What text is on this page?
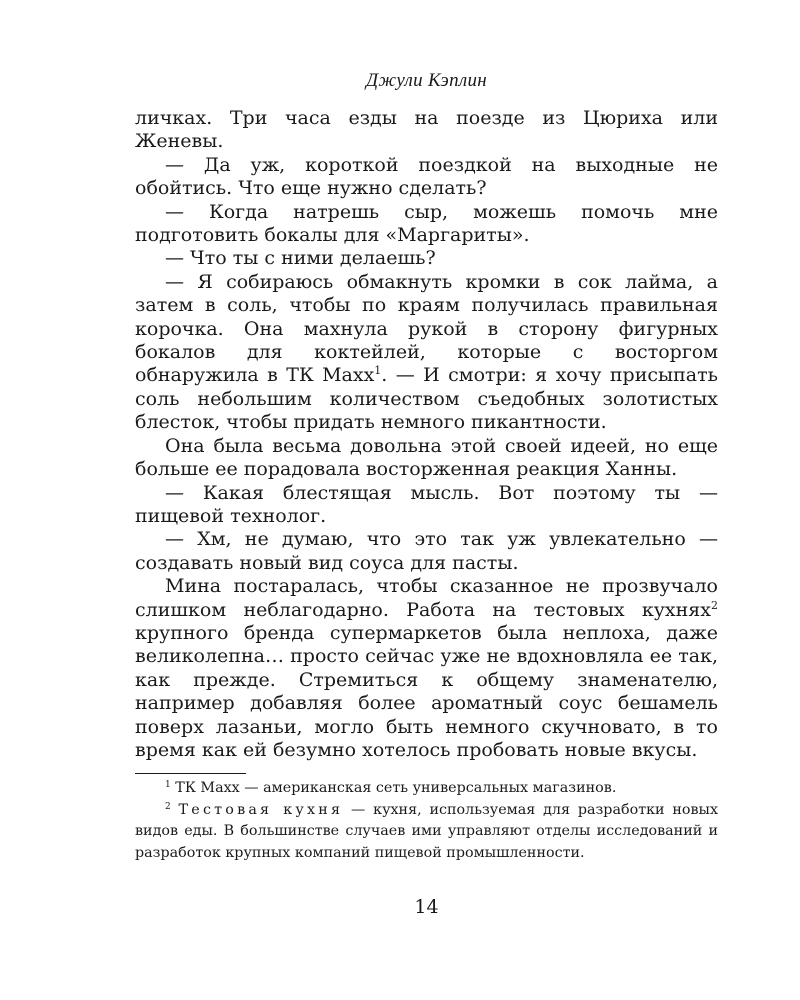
Джули Кэплин

личках. Три часа езды на поезде из Цюриха или Женевы.

— Да уж, короткой поездкой на выходные не обойтись. Что еще нужно сделать?

— Когда натрешь сыр, можешь помочь мне подготовить бокалы для «Маргариты».

— Что ты с ними делаешь?

— Я собираюсь обмакнуть кромки в сок лайма, а затем в соль, чтобы по краям получилась правильная корочка. Она махнула рукой в сторону фигурных бокалов для коктейлей, которые с восторгом обнаружила в ТК Махх$^1$. — И смотри: я хочу присыпать соль небольшим количеством съедобных золотистых блесток, чтобы придать немного пикантности.

Она была весьма довольна этой своей идеей, но еще больше ее порадовала восторженная реакция Ханны.

— Какая блестящая мысль. Вот поэтому ты — пищевой технолог.

— Хм, не думаю, что это так уж увлекательно — создавать новый вид соуса для пасты.

Мина постаралась, чтобы сказанное не прозвучало слишком неблагодарно. Работа на тестовых кухнях$^2$ крупного бренда супермаркетов была неплоха, даже великолепна… просто сейчас уже не вдохновляла ее так, как прежде. Стремиться к общему знаменателю, например добавляя более ароматный соус бешамель поверх лазаньи, могло быть немного скучновато, в то время как ей безумно хотелось пробовать новые вкусы.

$^1$ ТК Махх — американская сеть универсальных магазинов.

$^2$ Тестовая кухня — кухня, используемая для разработки новых видов еды. В большинстве случаев ими управляют отделы исследований и разработок крупных компаний пищевой промышленности.

14
